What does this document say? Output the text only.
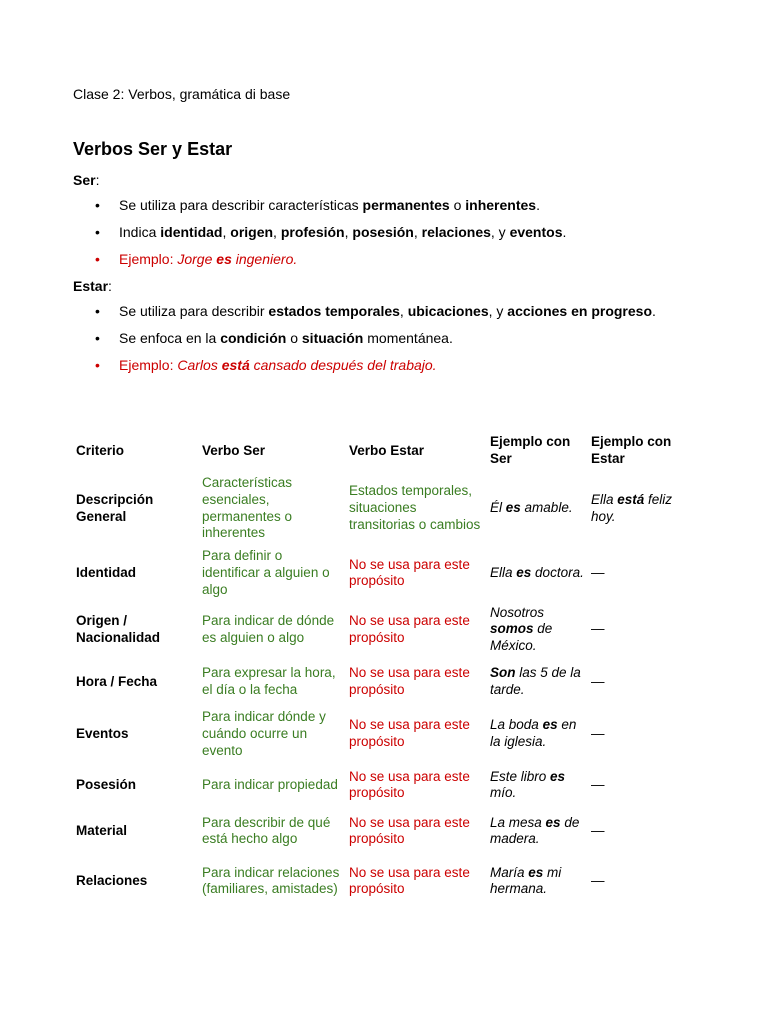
Clase 2: Verbos, gramática di base
Verbos Ser y Estar
Ser:
• Se utiliza para describir características permanentes o inherentes.
• Indica identidad, origen, profesión, posesión, relaciones, y eventos.
• Ejemplo: Jorge es ingeniero.
Estar:
• Se utiliza para describir estados temporales, ubicaciones, y acciones en progreso.
• Se enfoca en la condición o situación momentánea.
• Ejemplo: Carlos está cansado después del trabajo.
Criterio	Verbo Ser	Verbo Estar	Ejemplo con Ser	Ejemplo con Estar
Descripción General	Características esenciales, permanentes o inherentes	Estados temporales, situaciones transitorias o cambios	Él es amable.	Ella está feliz hoy.
Identidad	Para definir o identificar a alguien o algo	No se usa para este propósito	Ella es doctora.	—
Origen / Nacionalidad	Para indicar de dónde es alguien o algo	No se usa para este propósito	Nosotros somos de México.	—
Hora / Fecha	Para expresar la hora, el día o la fecha	No se usa para este propósito	Son las 5 de la tarde.	—
Eventos	Para indicar dónde y cuándo ocurre un evento	No se usa para este propósito	La boda es en la iglesia.	—
Posesión	Para indicar propiedad	No se usa para este propósito	Este libro es mío.	—
Material	Para describir de qué está hecho algo	No se usa para este propósito	La mesa es de madera.	—
Relaciones	Para indicar relaciones (familiares, amistades)	No se usa para este propósito	María es mi hermana.	—
